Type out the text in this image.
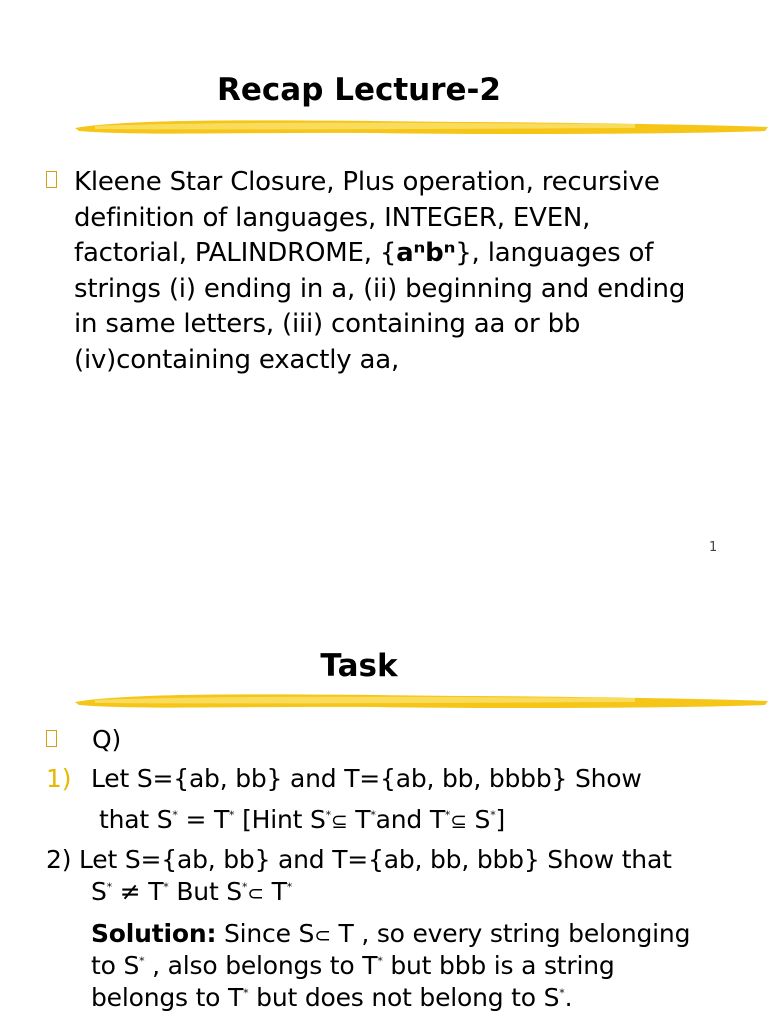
Recap Lecture-2
Kleene Star Closure, Plus operation, recursive
definition of languages, INTEGER, EVEN,
factorial, PALINDROME, {aⁿbⁿ}, languages of
strings (i) ending in a, (ii) beginning and ending
in same letters, (iii) containing aa or bb
(iv)containing exactly aa,
1
Task
Q)
1) Let S={ab, bb} and T={ab, bb, bbbb} Show
that S* = T* [Hint S*⊆ T*and T*⊆ S*]
2) Let S={ab, bb} and T={ab, bb, bbb} Show that
S* ≠ T* But S*⊂ T*
Solution: Since S⊂ T , so every string belonging
to S* , also belongs to T* but bbb is a string
belongs to T* but does not belong to S*.
